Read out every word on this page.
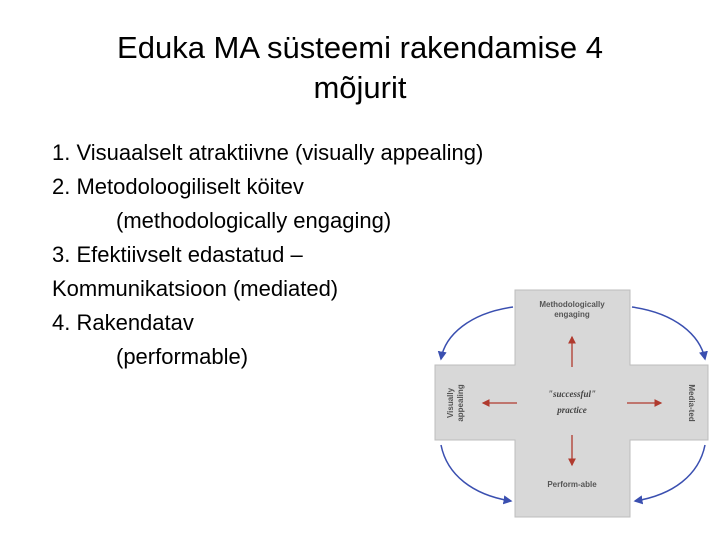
Eduka MA süsteemi rakendamise 4
mõjurit
1. Visuaalselt atraktiivne (visually appealing)
2. Metodoloogiliselt köitev
(methodologically engaging)
3. Efektiivselt edastatud –
Kommunikatsioon (mediated)
4. Rakendatav
(performable)
Methodologically
engaging
Visually appealing	Media-ted
Perform-able
"successful"
practice
